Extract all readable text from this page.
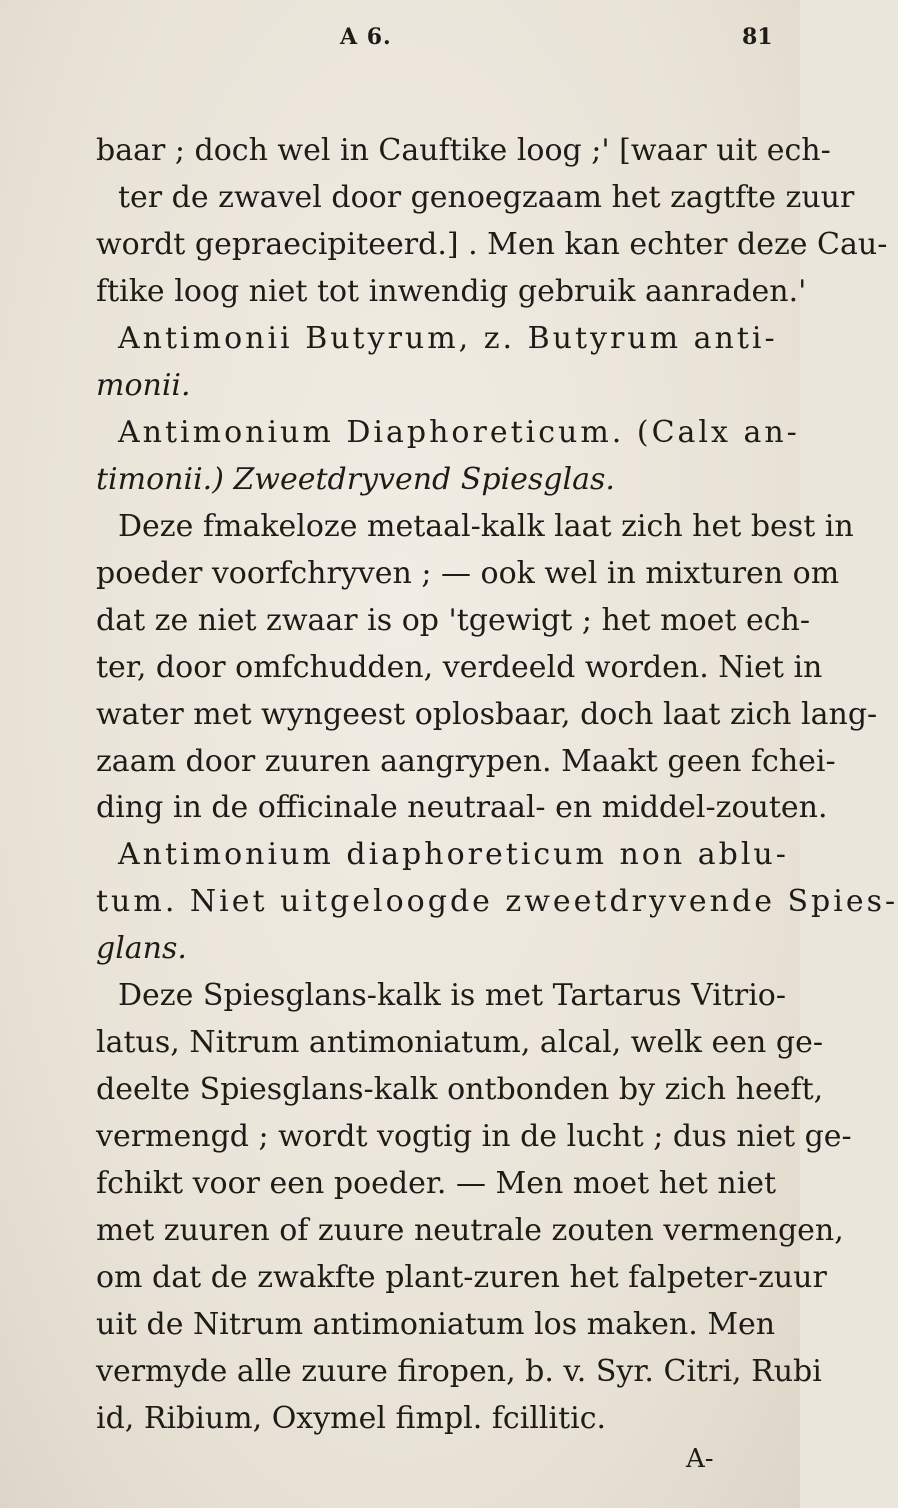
A 6.	81
baar ; doch wel in Cauftike loog ;' [waar uit ech-
ter de zwavel door genoegzaam het zagtfte zuur
wordt gepraecipiteerd.] . Men kan echter deze Cau-
ftike loog niet tot inwendig gebruik aanraden.'
Antimonii Butyrum, z. Butyrum anti-
monii.
Antimonium Diaphoreticum. (Calx an-
timonii.) Zweetdryvend Spiesglas.
Deze fmakeloze metaal-kalk laat zich het best in
poeder voorfchryven ; — ook wel in mixturen om
dat ze niet zwaar is op 'tgewigt ; het moet ech-
ter, door omfchudden, verdeeld worden. Niet in
water met wyngeest oplosbaar, doch laat zich lang-
zaam door zuuren aangrypen. Maakt geen fchei-
ding in de officinale neutraal- en middel-zouten.
Antimonium diaphoreticum non ablu-
tum. Niet uitgeloogde zweetdryvende Spies-
glans.
Deze Spiesglans-kalk is met Tartarus Vitrio-
latus, Nitrum antimoniatum, alcal, welk een ge-
deelte Spiesglans-kalk ontbonden by zich heeft,
vermengd ; wordt vogtig in de lucht ; dus niet ge-
fchikt voor een poeder. — Men moet het niet
met zuuren of zuure neutrale zouten vermengen,
om dat de zwakfte plant-zuren het falpeter-zuur
uit de Nitrum antimoniatum los maken. Men
vermyde alle zuure firopen, b. v. Syr. Citri, Rubi
id, Ribium, Oxymel fimpl. fcillitic.
A-
